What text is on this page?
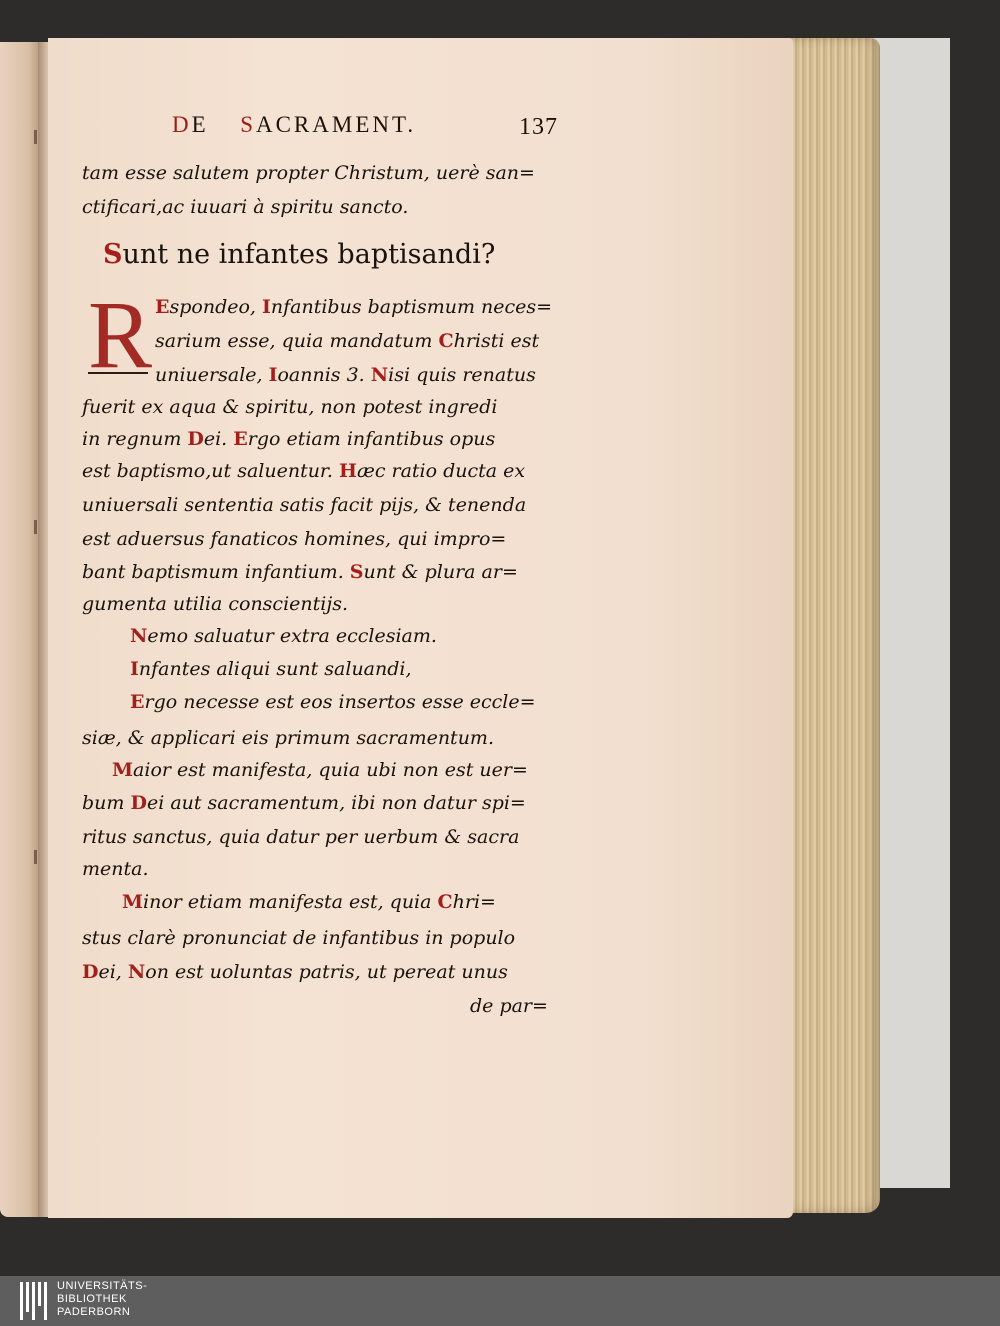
DE SACRAMENT.	137
tam esse salutem propter Christum, uerè san=
ctificari,ac iuuari à spiritu sancto.
Sunt ne infantes baptisandi?
R Espondeo, Infantibus baptismum neces=
sarium esse, quia mandatum Christi est
uniuersale, Ioannis 3. Nisi quis renatus
fuerit ex aqua & spiritu, non potest ingredi
in regnum Dei. Ergo etiam infantibus opus
est baptismo,ut saluentur. Hæc ratio ducta ex
uniuersali sententia satis facit pijs, & tenenda
est aduersus fanaticos homines, qui impro=
bant baptismum infantium. Sunt & plura ar=
gumenta utilia conscientijs.
Nemo saluatur extra ecclesiam.
Infantes aliqui sunt saluandi,
Ergo necesse est eos insertos esse eccle=
siæ, & applicari eis primum sacramentum.
Maior est manifesta, quia ubi non est uer=
bum Dei aut sacramentum, ibi non datur spi=
ritus sanctus, quia datur per uerbum & sacra
menta.
Minor etiam manifesta est, quia Chri=
stus clarè pronunciat de infantibus in populo
Dei, Non est uoluntas patris, ut pereat unus
de par=
UNIVERSITÄTS-
BIBLIOTHEK
PADERBORN
